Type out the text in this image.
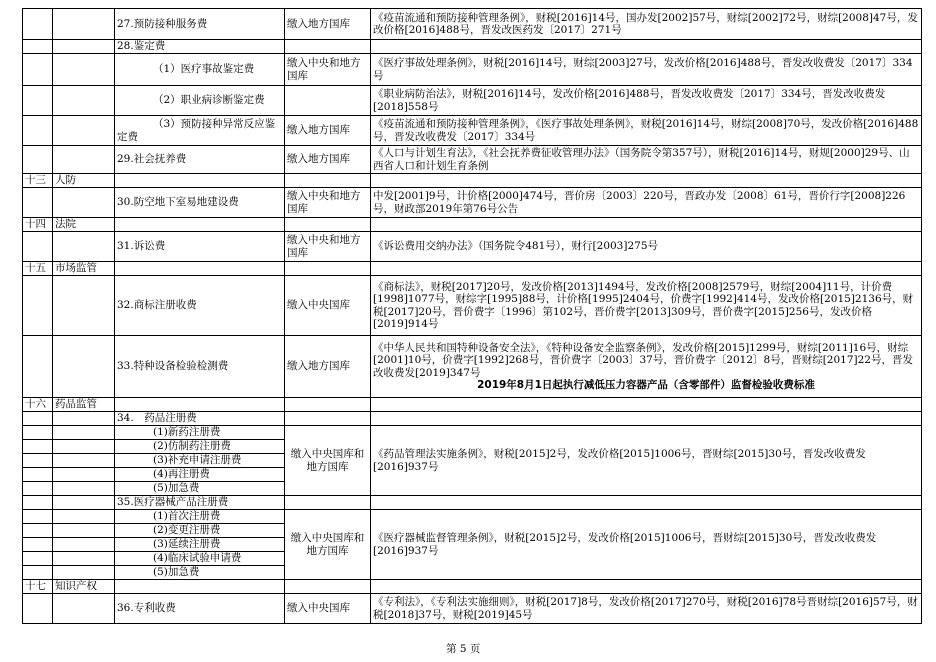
		27.预防接种服务费	缴入地方国库	《疫苗流通和预防接种管理条例》，财税[2016]14号，国办发[2002]57号，财综[2002]72号，财综[2008]47号，发改价格[2016]488号，晋发改医药发〔2017〕271号
		28.鉴定费		
		（1）医疗事故鉴定费	缴入中央和地方国库	《医疗事故处理条例》，财税[2016]14号，财综[2003]27号，发改价格[2016]488号，晋发改收费发〔2017〕334号
		（2）职业病诊断鉴定费		《职业病防治法》，财税[2016]14号，发改价格[2016]488号，晋发改收费发〔2017〕334号，晋发改收费发[2018]558号
		（3）预防接种异常反应鉴定费	缴入地方国库	《疫苗流通和预防接种管理条例》，《医疗事故处理条例》，财税[2016]14号，财综[2008]70号，发改价格[2016]488号，晋发改收费发〔2017〕334号
		29.社会抚养费	缴入地方国库	《人口与计划生育法》，《社会抚养费征收管理办法》（国务院令第357号），财税[2016]14号，财规[2000]29号、山西省人口和计划生育条例
十三	人防			
		30.防空地下室易地建设费	缴入中央和地方国库	中发[2001]9号，计价格[2000]474号，晋价房〔2003〕220号，晋政办发〔2008〕61号，晋价行字[2008]226号，财政部2019年第76号公告
十四	法院			
		31.诉讼费	缴入中央和地方国库	《诉讼费用交纳办法》（国务院令481号），财行[2003]275号
十五	市场监管			
		32.商标注册收费	缴入中央国库	《商标法》，财税[2017]20号，发改价格[2013]1494号，发改价格[2008]2579号，财综[2004]11号，计价费[1998]1077号，财综字[1995]88号，计价格[1995]2404号，价费字[1992]414号，发改价格[2015]2136号，财税[2017]20号，晋价费字〔1996〕第102号，晋价费字[2013]309号，晋价费字[2015]256号，发改价格[2019]914号
		33.特种设备检验检测费	缴入地方国库	《中华人民共和国特种设备安全法》，《特种设备安全监察条例》，发改价格[2015]1299号，财综[2011]16号，财综[2001]10号，价费字[1992]268号，晋价费字〔2003〕37号，晋价费字〔2012〕8号，晋财综[2017]22号，晋发改收费发[2019]347号
2019年8月1日起执行减低压力容器产品（含零部件）监督检验收费标准

十六	药品监管			
		34.　药品注册费		
		(1)新药注册费	缴入中央国库和地方国库	《药品管理法实施条例》，财税[2015]2号，发改价格[2015]1006号，晋财综[2015]30号，晋发改收费发[2016]937号
		(2)仿制药注册费		
		(3)补充申请注册费		
		(4)再注册费		
		(5)加急费		
		35.医疗器械产品注册费		
		(1)首次注册费	缴入中央国库和地方国库	《医疗器械监督管理条例》，财税[2015]2号，发改价格[2015]1006号，晋财综[2015]30号，晋发改收费发[2016]937号
		(2)变更注册费		
		(3)延续注册费		
		(4)临床试验申请费		
		(5)加急费		
十七	知识产权			
		36.专利收费	缴入中央国库	《专利法》，《专利法实施细则》，财税[2017]8号，发改价格[2017]270号，财税[2016]78号晋财综[2016]57号，财税[2018]37号，财税[2019]45号
第 5 页
